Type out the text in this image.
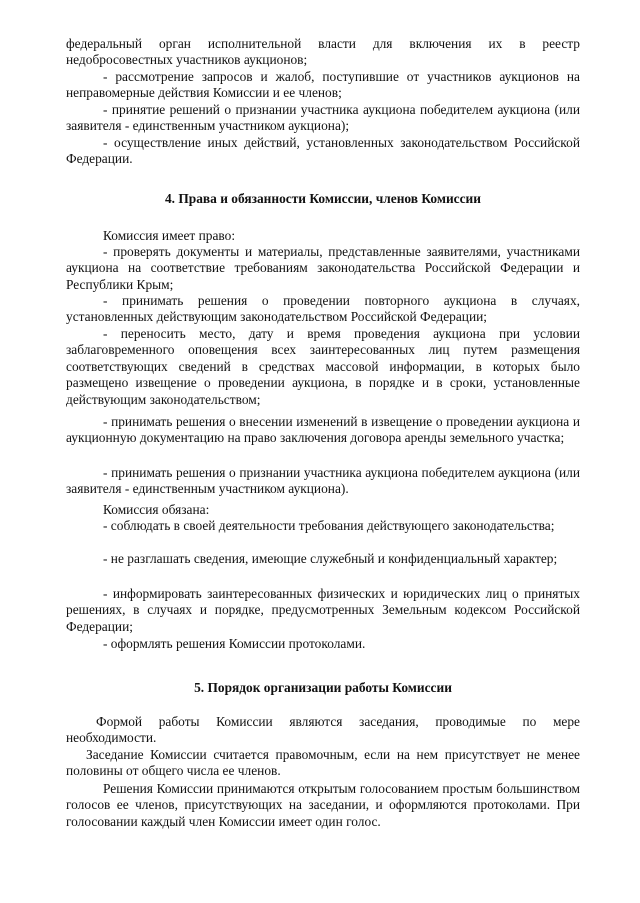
федеральный орган исполнительной власти для включения их в реестр недобросовестных участников аукционов;

- рассмотрение запросов и жалоб, поступившие от участников аукционов на неправомерные действия Комиссии и ее членов;

- принятие решений о признании участника аукциона победителем аукциона (или заявителя - единственным участником аукциона);

- осуществление иных действий, установленных законодательством Российской Федерации.

4. Права и обязанности Комиссии, членов Комиссии

Комиссия имеет право:

- проверять документы и материалы, представленные заявителями, участниками аукциона на соответствие требованиям законодательства Российской Федерации и Республики Крым;

- принимать решения о проведении повторного аукциона в случаях, установленных действующим законодательством Российской Федерации;

- переносить место, дату и время проведения аукциона при условии заблаговременного оповещения всех заинтересованных лиц путем размещения соответствующих сведений в средствах массовой информации, в которых было размещено извещение о проведении аукциона, в порядке и в сроки, установленные действующим законодательством;

- принимать решения о внесении изменений в извещение о проведении аукциона и аукционную документацию на право заключения договора аренды земельного участка;

- принимать решения о признании участника аукциона победителем аукциона (или заявителя - единственным участником аукциона).

Комиссия обязана:

- соблюдать в своей деятельности требования действующего законодательства;

- не разглашать сведения, имеющие служебный и конфиденциальный характер;

- информировать заинтересованных физических и юридических лиц о принятых решениях, в случаях и порядке, предусмотренных Земельным кодексом Российской Федерации;

- оформлять решения Комиссии протоколами.

5. Порядок организации работы Комиссии

Формой работы Комиссии являются заседания, проводимые по мере необходимости.

Заседание Комиссии считается правомочным, если на нем присутствует не менее половины от общего числа ее членов.

Решения Комиссии принимаются открытым голосованием простым большинством голосов ее членов, присутствующих на заседании, и оформляются протоколами. При голосовании каждый член Комиссии имеет один голос.
